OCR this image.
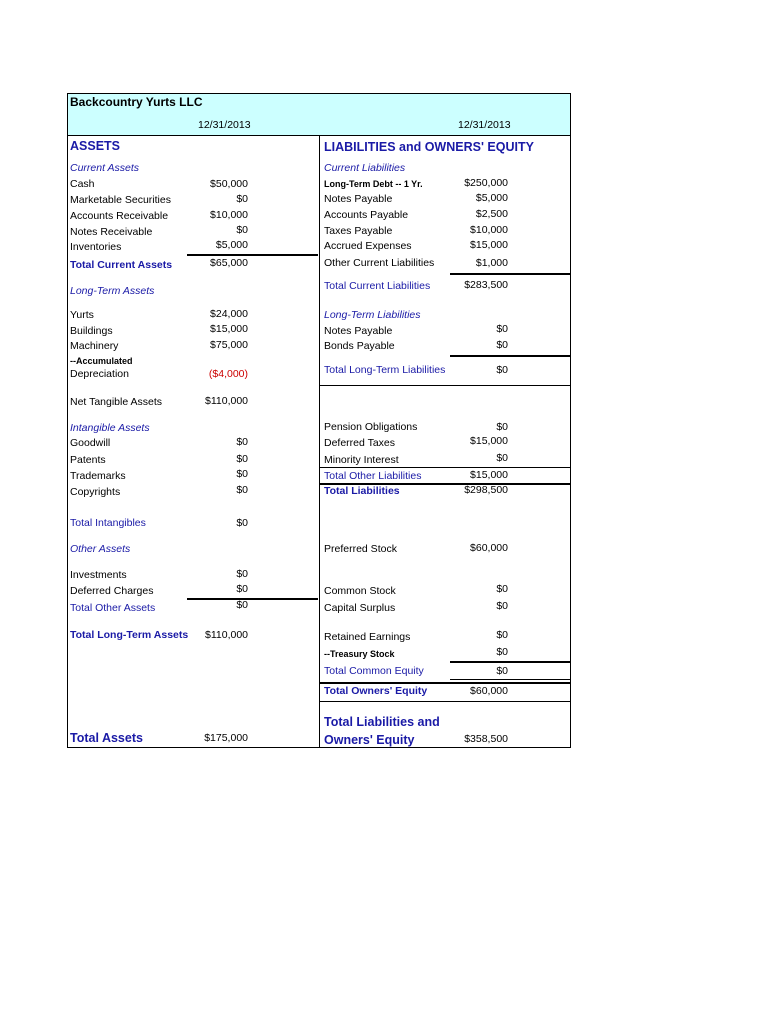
Backcountry Yurts LLC
12/31/2013	12/31/2013
ASSETS
Current Assets
Cash	$50,000
Marketable Securities	$0
Accounts Receivable	$10,000
Notes Receivable	$0
Inventories	$5,000
Total Current Assets	$65,000
Long-Term Assets
Yurts	$24,000
Buildings	$15,000
Machinery	$75,000
--Accumulated
Depreciation	($4,000)
Net Tangible Assets	$110,000
Intangible Assets
Goodwill	$0
Patents	$0
Trademarks	$0
Copyrights	$0
Total Intangibles	$0
Other Assets
Investments	$0
Deferred Charges	$0
Total Other Assets	$0
Total Long-Term Assets	$110,000
Total Assets	$175,000
LIABILITIES and OWNERS' EQUITY
Current Liabilities
Long-Term Debt -- 1 Yr.	$250,000
Notes Payable	$5,000
Accounts Payable	$2,500
Taxes Payable	$10,000
Accrued Expenses	$15,000
Other Current Liabilities	$1,000
Total Current Liabilities	$283,500
Long-Term Liabilities
Notes Payable	$0
Bonds Payable	$0
Total Long-Term Liabilities	$0
Pension Obligations	$0
Deferred Taxes	$15,000
Minority Interest	$0
Total Other Liabilities	$15,000
Total Liabilities	$298,500
Preferred Stock	$60,000
Common Stock	$0
Capital Surplus	$0
Retained Earnings	$0
--Treasury Stock	$0
Total Common Equity	$0
Total Owners' Equity	$60,000
Total Liabilities and
Owners' Equity	$358,500
